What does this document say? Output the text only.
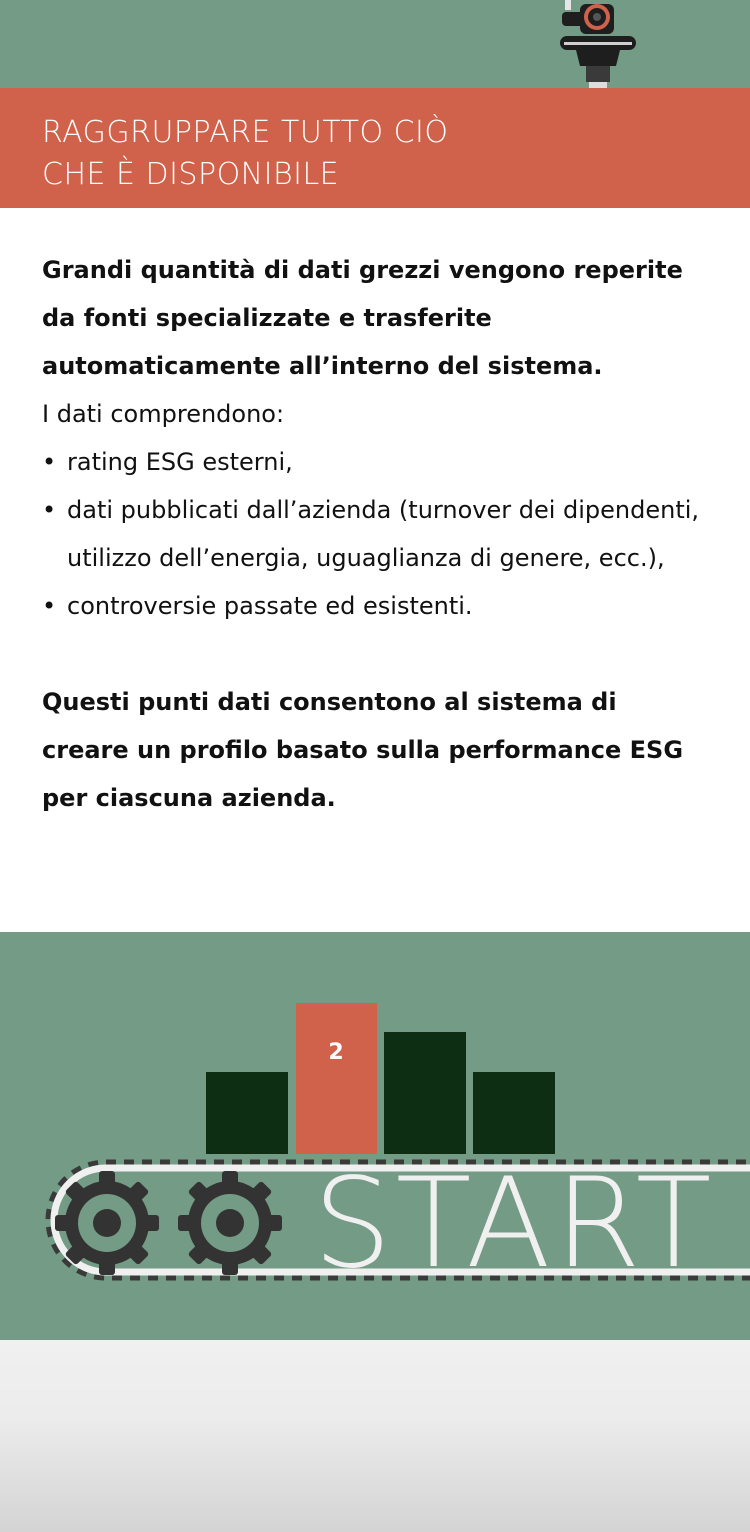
RAGGRUPPARE TUTTO CIÒ
CHE È DISPONIBILE

Grandi quantità di dati grezzi vengono reperite da fonti specializzate e trasferite automaticamente all’interno del sistema.

I dati comprendono:

• rating ESG esterni,
• dati pubblicati dall’azienda (turnover dei dipendenti, utilizzo dell’energia, uguaglianza di genere, ecc.),
• controversie passate ed esistenti.

Questi punti dati consentono al sistema di creare un profilo basato sulla performance ESG per ciascuna azienda.

2
START
